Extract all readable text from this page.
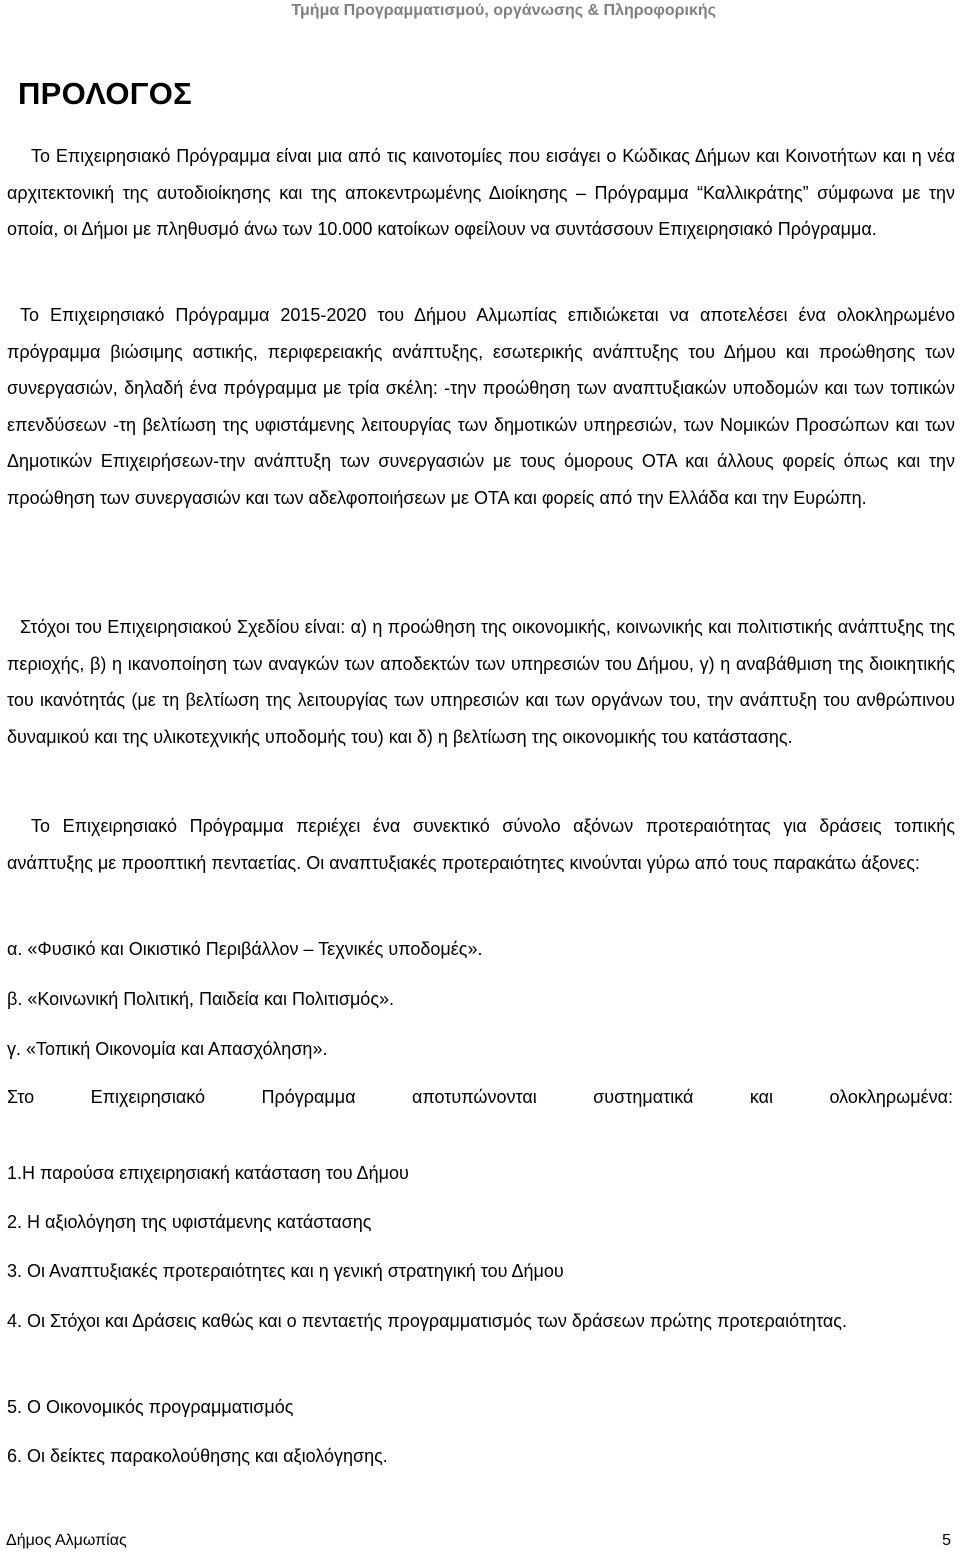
Τμήμα Προγραμματισμού, οργάνωσης & Πληροφορικής
ΠΡΟΛΟΓΟΣ
Το Επιχειρησιακό Πρόγραμμα είναι μια από τις καινοτομίες που εισάγει ο Κώδικας Δήμων και Κοινοτήτων και η νέα αρχιτεκτονική της αυτοδιοίκησης και της αποκεντρωμένης Διοίκησης – Πρόγραμμα “Καλλικράτης” σύμφωνα με την οποία, οι Δήμοι με πληθυσμό άνω των 10.000 κατοίκων οφείλουν να συντάσσουν Επιχειρησιακό Πρόγραμμα.
Το Επιχειρησιακό Πρόγραμμα 2015-2020 του Δήμου Αλμωπίας επιδιώκεται να αποτελέσει ένα ολοκληρωμένο πρόγραμμα βιώσιμης αστικής, περιφερειακής ανάπτυξης, εσωτερικής ανάπτυξης του Δήμου και προώθησης των συνεργασιών, δηλαδή ένα πρόγραμμα με τρία σκέλη: -την προώθηση των αναπτυξιακών υποδομών και των τοπικών επενδύσεων -τη βελτίωση της υφιστάμενης λειτουργίας των δημοτικών υπηρεσιών, των Νομικών Προσώπων και των Δημοτικών Επιχειρήσεων-την ανάπτυξη των συνεργασιών με τους όμορους ΟΤΑ και άλλους φορείς όπως και την προώθηση των συνεργασιών και των αδελφοποιήσεων με ΟΤΑ και φορείς από την Ελλάδα και την Ευρώπη.
Στόχοι του Επιχειρησιακού Σχεδίου είναι: α) η προώθηση της οικονομικής, κοινωνικής και πολιτιστικής ανάπτυξης της περιοχής, β) η ικανοποίηση των αναγκών των αποδεκτών των υπηρεσιών του Δήμου, γ) η αναβάθμιση της διοικητικής του ικανότητάς (με τη βελτίωση της λειτουργίας των υπηρεσιών και των οργάνων του, την ανάπτυξη του ανθρώπινου δυναμικού και της υλικοτεχνικής υποδομής του) και δ) η βελτίωση της οικονομικής του κατάστασης.
Το Επιχειρησιακό Πρόγραμμα περιέχει ένα συνεκτικό σύνολο αξόνων προτεραιότητας για δράσεις τοπικής ανάπτυξης με προοπτική πενταετίας. Οι αναπτυξιακές προτεραιότητες κινούνται γύρω από τους παρακάτω άξονες:
α. «Φυσικό και Οικιστικό Περιβάλλον – Τεχνικές υποδομές».
β. «Κοινωνική Πολιτική, Παιδεία και Πολιτισμός».
γ. «Τοπική Οικονομία και Απασχόληση».
Στο Επιχειρησιακό Πρόγραμμα αποτυπώνονται συστηματικά και ολοκληρωμένα:
1.Η παρούσα επιχειρησιακή κατάσταση του Δήμου
2. Η αξιολόγηση της υφιστάμενης κατάστασης
3. Οι Αναπτυξιακές προτεραιότητες και η γενική στρατηγική του Δήμου
4. Οι Στόχοι και Δράσεις καθώς και ο πενταετής προγραμματισμός των δράσεων πρώτης προτεραιότητας.
5. Ο Οικονομικός προγραμματισμός
6. Οι δείκτες παρακολούθησης και αξιολόγησης.
Δήμος Αλμωπίας	5
